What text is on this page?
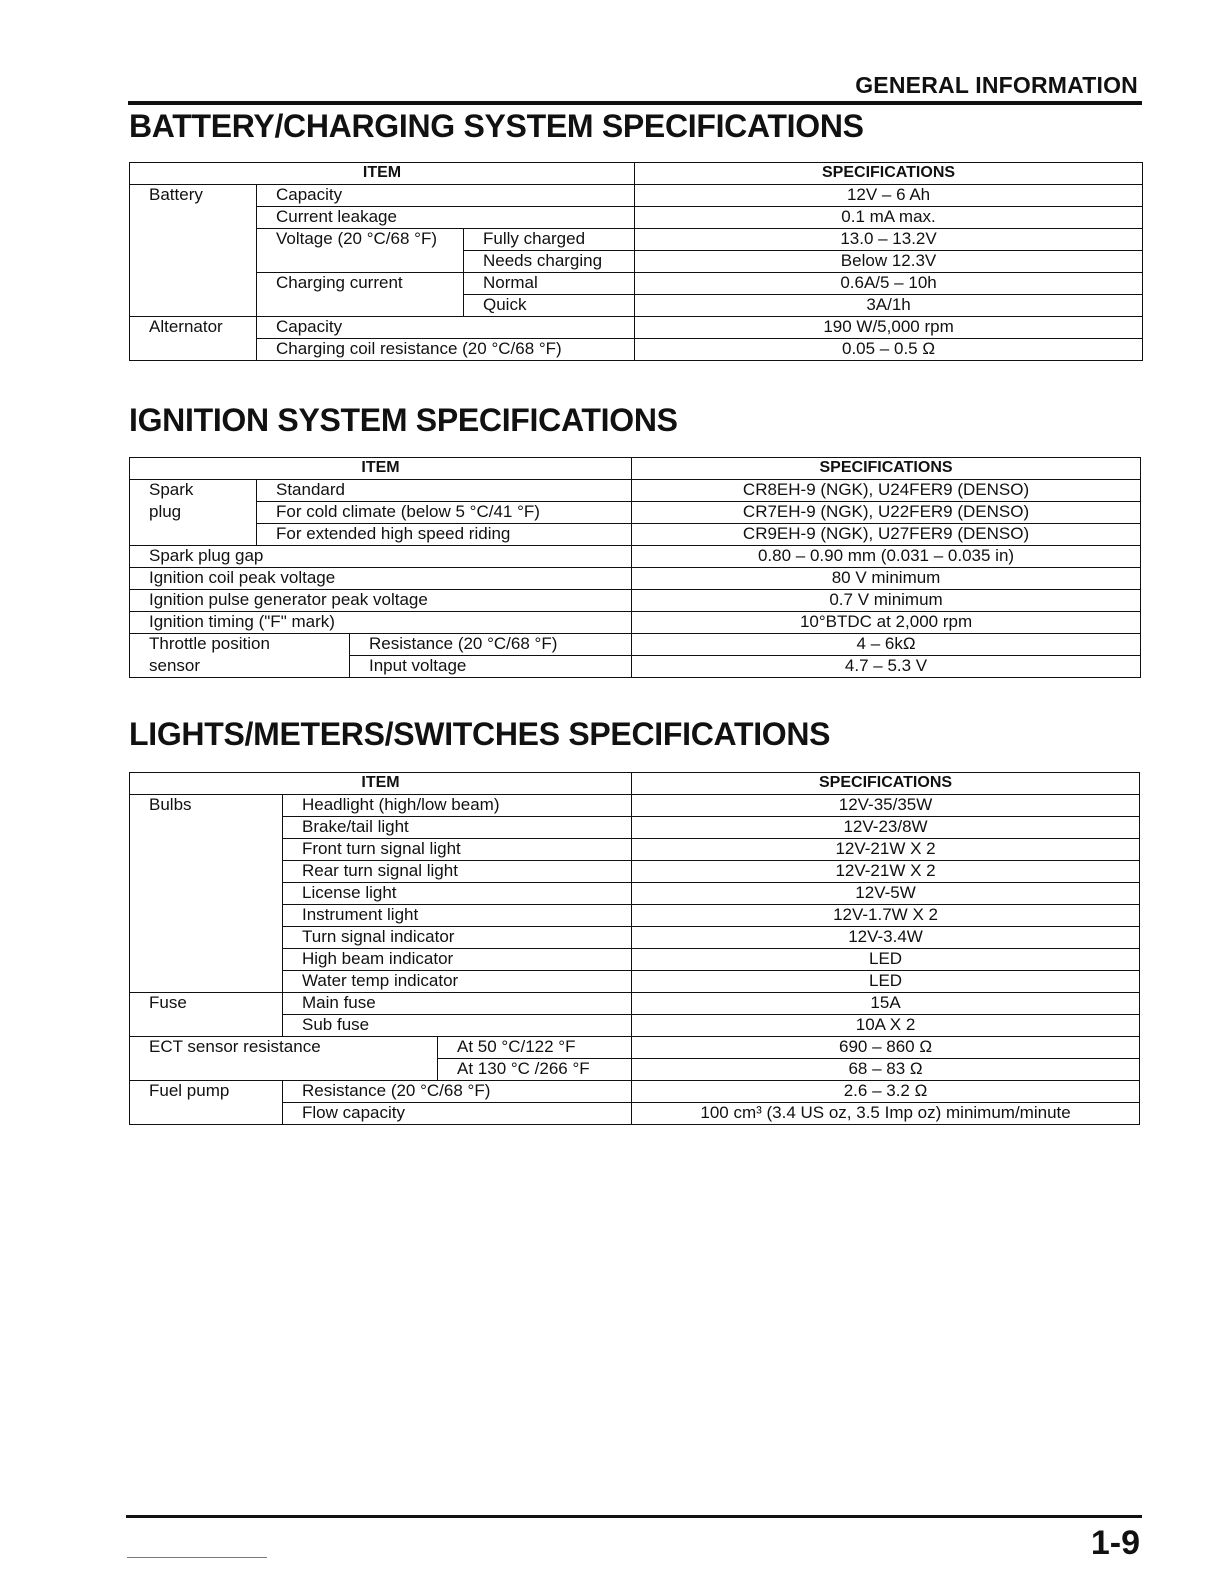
GENERAL INFORMATION
BATTERY/CHARGING SYSTEM SPECIFICATIONS
ITEM			SPECIFICATIONS
Battery	Capacity		12V – 6 Ah
	Current leakage		0.1 mA max.
	Voltage (20 °C/68 °F)	Fully charged	13.0 – 13.2V
		Needs charging	Below 12.3V
	Charging current	Normal	0.6A/5 – 10h
		Quick	3A/1h
Alternator	Capacity		190 W/5,000 rpm
	Charging coil resistance (20 °C/68 °F)		0.05 – 0.5 Ω
IGNITION SYSTEM SPECIFICATIONS
ITEM			SPECIFICATIONS
Spark	Standard		CR8EH-9 (NGK), U24FER9 (DENSO)
plug	For cold climate (below 5 °C/41 °F)		CR7EH-9 (NGK), U22FER9 (DENSO)
	For extended high speed riding		CR9EH-9 (NGK), U27FER9 (DENSO)
Spark plug gap			0.80 – 0.90 mm (0.031 – 0.035 in)
Ignition coil peak voltage			80 V minimum
Ignition pulse generator peak voltage			0.7 V minimum
Ignition timing ("F" mark)			10°BTDC at 2,000 rpm
Throttle position		Resistance (20 °C/68 °F)	4 – 6kΩ
sensor		Input voltage	4.7 – 5.3 V
LIGHTS/METERS/SWITCHES SPECIFICATIONS
ITEM			SPECIFICATIONS
Bulbs	Headlight (high/low beam)		12V-35/35W
	Brake/tail light		12V-23/8W
	Front turn signal light		12V-21W X 2
	Rear turn signal light		12V-21W X 2
	License light		12V-5W
	Instrument light		12V-1.7W X 2
	Turn signal indicator		12V-3.4W
	High beam indicator		LED
	Water temp indicator		LED
Fuse	Main fuse		15A
	Sub fuse		10A X 2
ECT sensor resistance		At 50 °C/122 °F	690 – 860 Ω
		At 130 °C /266 °F	68 – 83 Ω
Fuel pump	Resistance (20 °C/68 °F)		2.6 – 3.2 Ω
	Flow capacity		100 cm³ (3.4 US oz, 3.5 Imp oz) minimum/minute
1-9
